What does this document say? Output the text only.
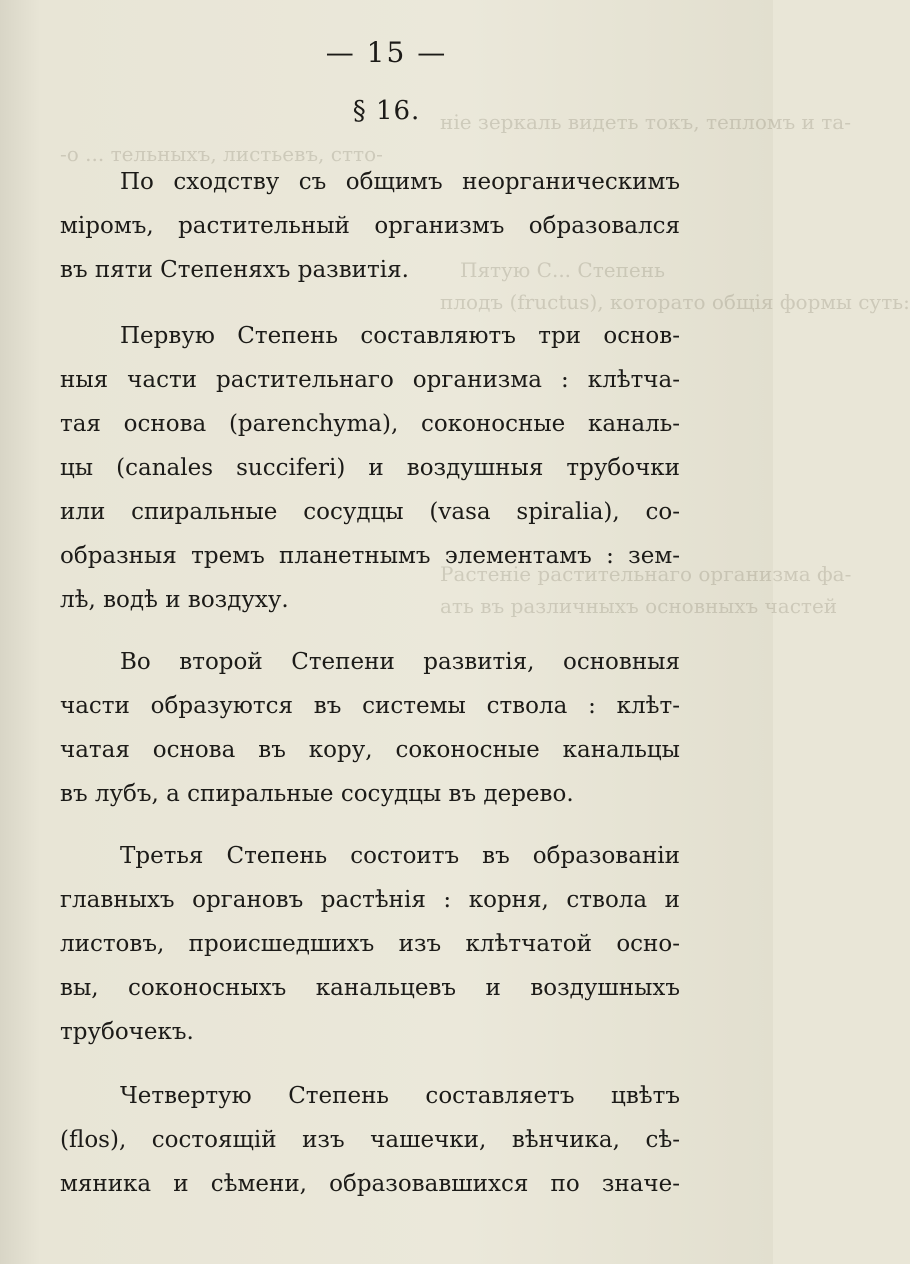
ніе зеркаль видеть токъ, тепломъ и та-
-о ... тельныхъ, листьевъ, стто-
Пятую С... Степень
плодъ (fructus), которато общія формы суть:
Растеніе растительнаго организма фа-
ать въ различныхъ основныхъ частей
— 15 —
§ 16.
По сходству съ общимъ неорганическимъ
міромъ, растительный организмъ образовался
въ пяти Степеняхъ развитія.
Первую Степень составляютъ три основ-
ныя части растительнаго организма : клѣтча-
тая основа (parenchyma), соконосные каналь-
цы (canales succiferi) и воздушныя трубочки
или спиральные сосудцы (vasa spiralia), со-
образныя тремъ планетнымъ элементамъ : зем-
лѣ, водѣ и воздуху.
Во второй Степени развитія, основныя
части образуются въ системы ствола : клѣт-
чатая основа въ кору, соконосные канальцы
въ лубъ, а спиральные сосудцы въ дерево.
Третья Степень состоитъ въ образованіи
главныхъ органовъ растѣнія : корня, ствола и
листовъ, происшедшихъ изъ клѣтчатой осно-
вы, соконосныхъ канальцевъ и воздушныхъ
трубочекъ.
Четвертую Степень составляетъ цвѣтъ
(flos), состоящій изъ чашечки, вѣнчика, сѣ-
мяника и сѣмени, образовавшихся по значе-
